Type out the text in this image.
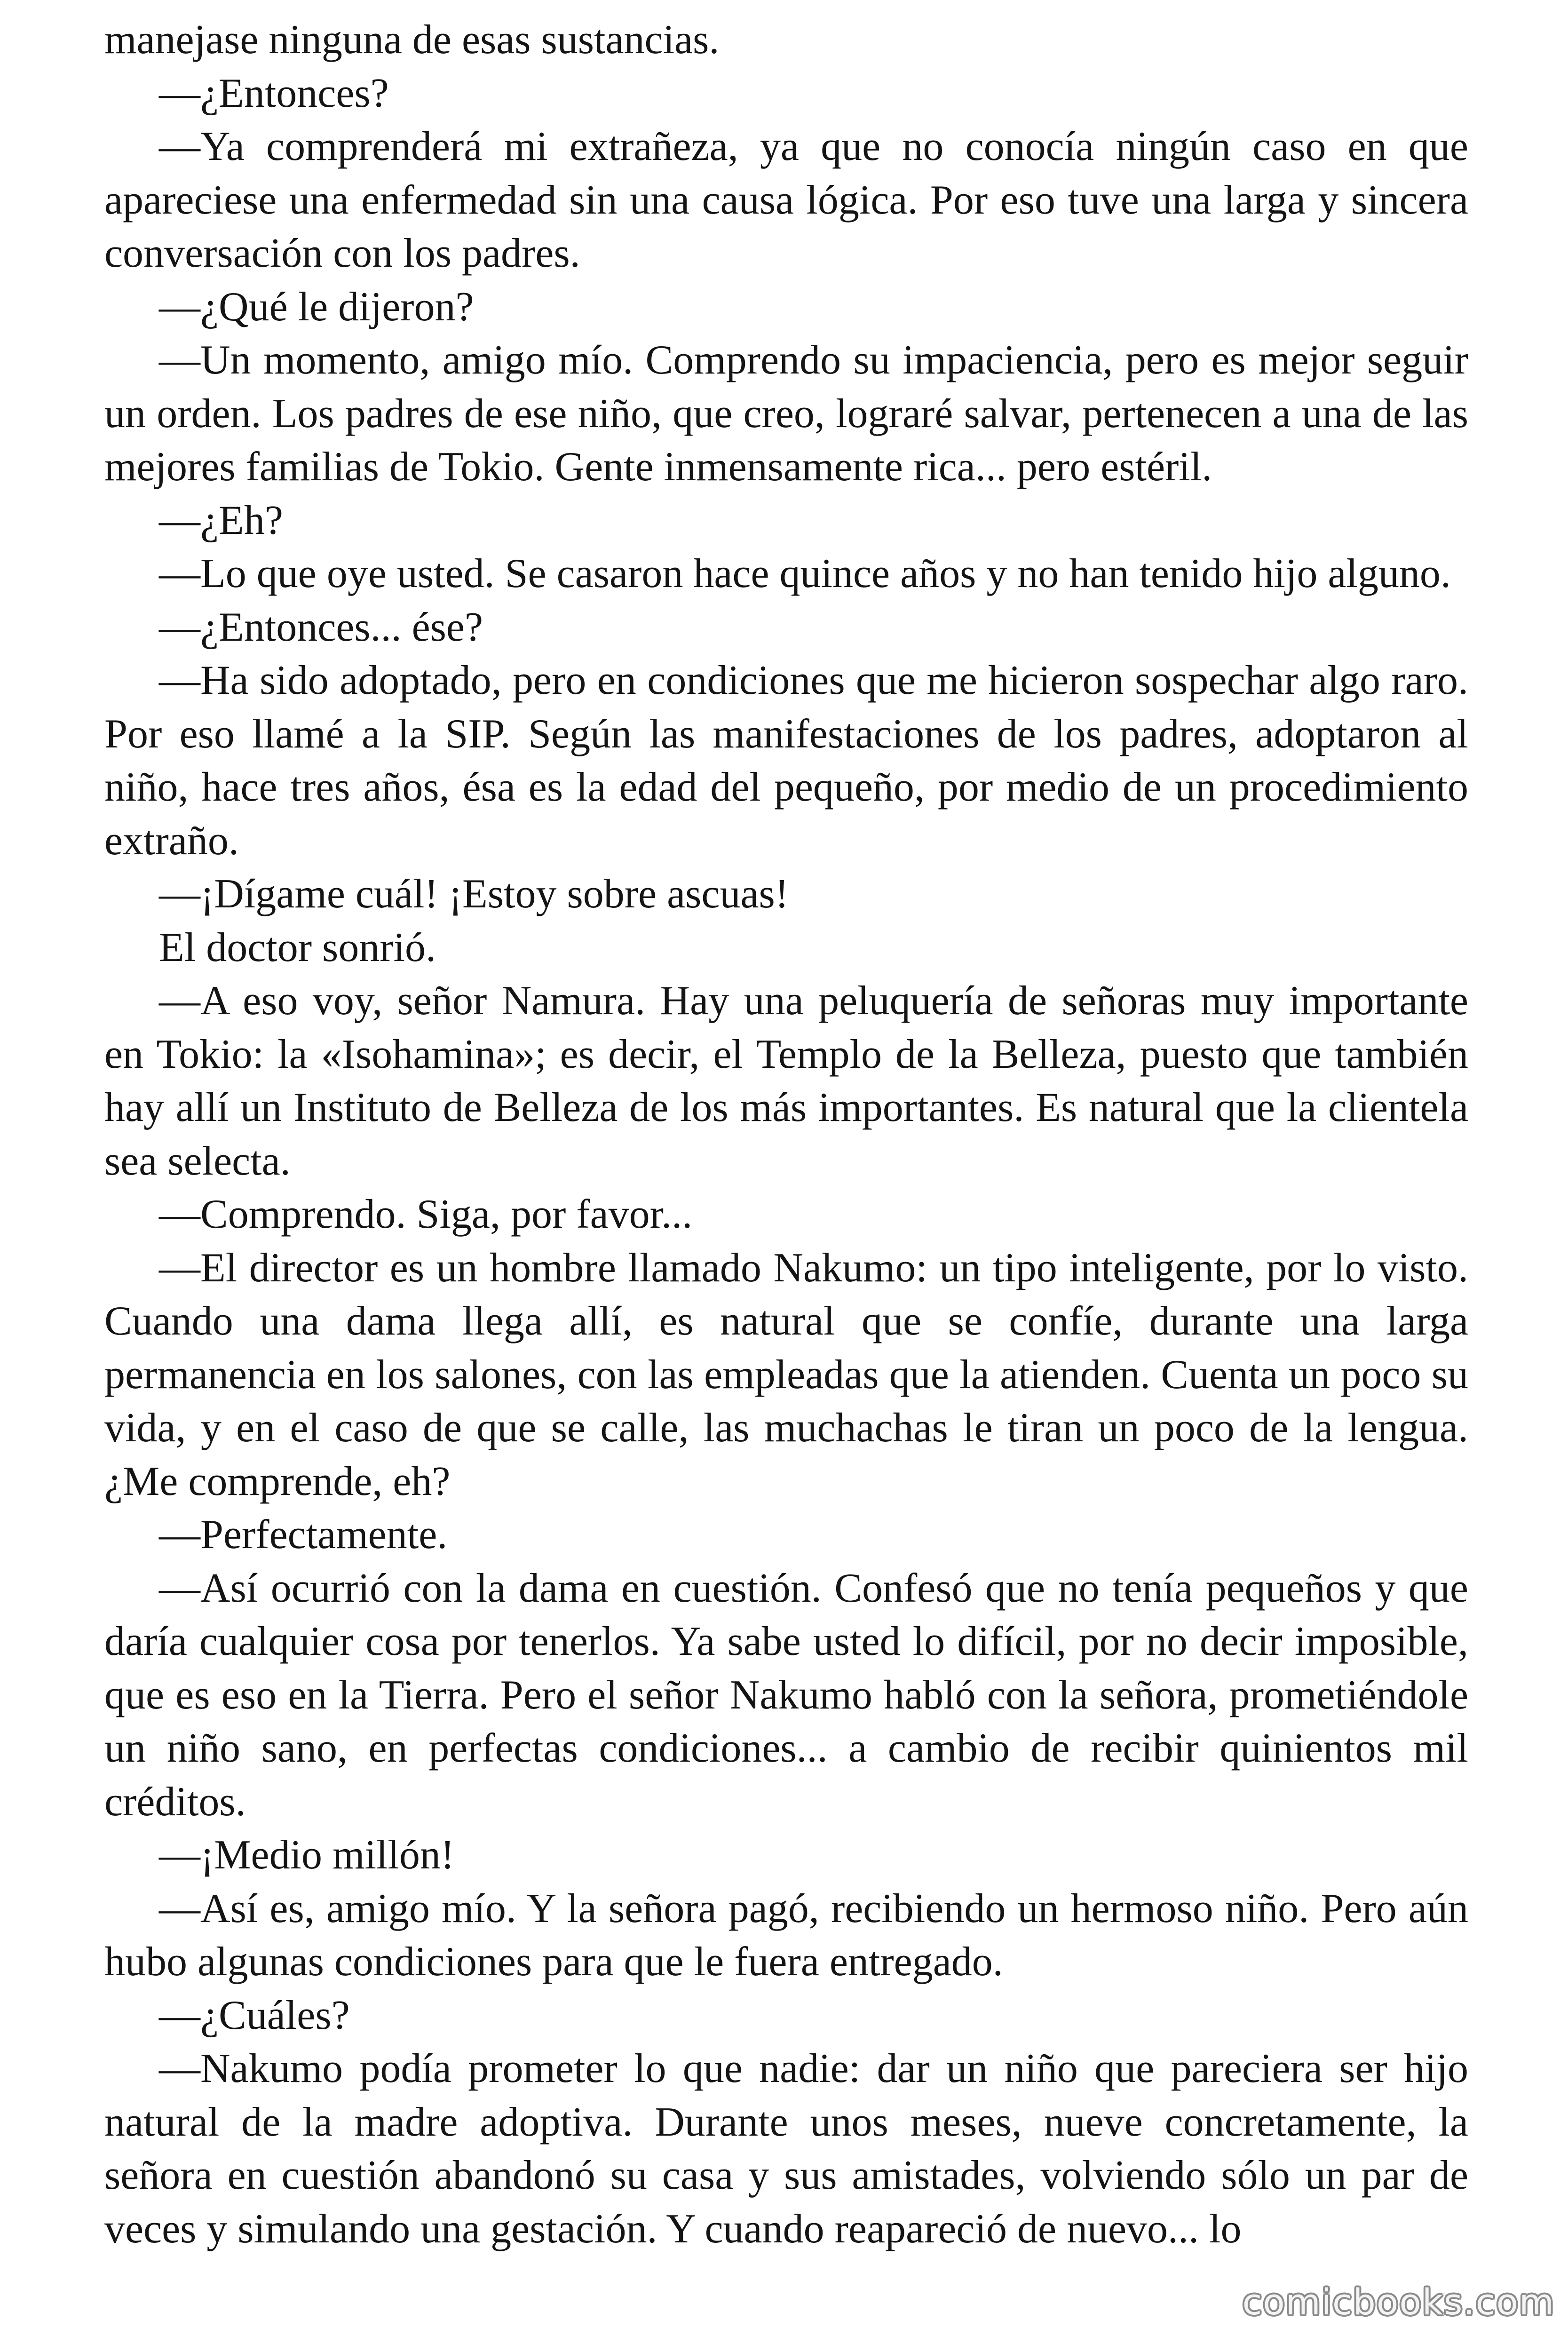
manejase ninguna de esas sustancias.

—¿Entonces?

—Ya comprenderá mi extrañeza, ya que no conocía ningún caso en que apareciese una enfermedad sin una causa lógica. Por eso tuve una larga y sincera conversación con los padres.

—¿Qué le dijeron?

—Un momento, amigo mío. Comprendo su impaciencia, pero es mejor seguir un orden. Los padres de ese niño, que creo, lograré salvar, pertenecen a una de las mejores familias de Tokio. Gente inmensamente rica... pero estéril.

—¿Eh?

—Lo que oye usted. Se casaron hace quince años y no han tenido hijo alguno.

—¿Entonces... ése?

—Ha sido adoptado, pero en condiciones que me hicieron sospechar algo raro. Por eso llamé a la SIP. Según las manifestaciones de los padres, adoptaron al niño, hace tres años, ésa es la edad del pequeño, por medio de un procedimiento extraño.

—¡Dígame cuál! ¡Estoy sobre ascuas!

El doctor sonrió.

—A eso voy, señor Namura. Hay una peluquería de señoras muy importante en Tokio: la «Isohamina»; es decir, el Templo de la Belleza, puesto que también hay allí un Instituto de Belleza de los más importantes. Es natural que la clientela sea selecta.

—Comprendo. Siga, por favor...

—El director es un hombre llamado Nakumo: un tipo inteligente, por lo visto. Cuando una dama llega allí, es natural que se confíe, durante una larga permanencia en los salones, con las empleadas que la atienden. Cuenta un poco su vida, y en el caso de que se calle, las muchachas le tiran un poco de la lengua. ¿Me comprende, eh?

—Perfectamente.

—Así ocurrió con la dama en cuestión. Confesó que no tenía pequeños y que daría cualquier cosa por tenerlos. Ya sabe usted lo difícil, por no decir imposible, que es eso en la Tierra. Pero el señor Nakumo habló con la señora, prometiéndole un niño sano, en perfectas condiciones... a cambio de recibir quinientos mil créditos.

—¡Medio millón!

—Así es, amigo mío. Y la señora pagó, recibiendo un hermoso niño. Pero aún hubo algunas condiciones para que le fuera entregado.

—¿Cuáles?

—Nakumo podía prometer lo que nadie: dar un niño que pareciera ser hijo natural de la madre adoptiva. Durante unos meses, nueve concretamente, la señora en cuestión abandonó su casa y sus amistades, volviendo sólo un par de veces y simulando una gestación. Y cuando reapareció de nuevo... lo

comicbooks.com
